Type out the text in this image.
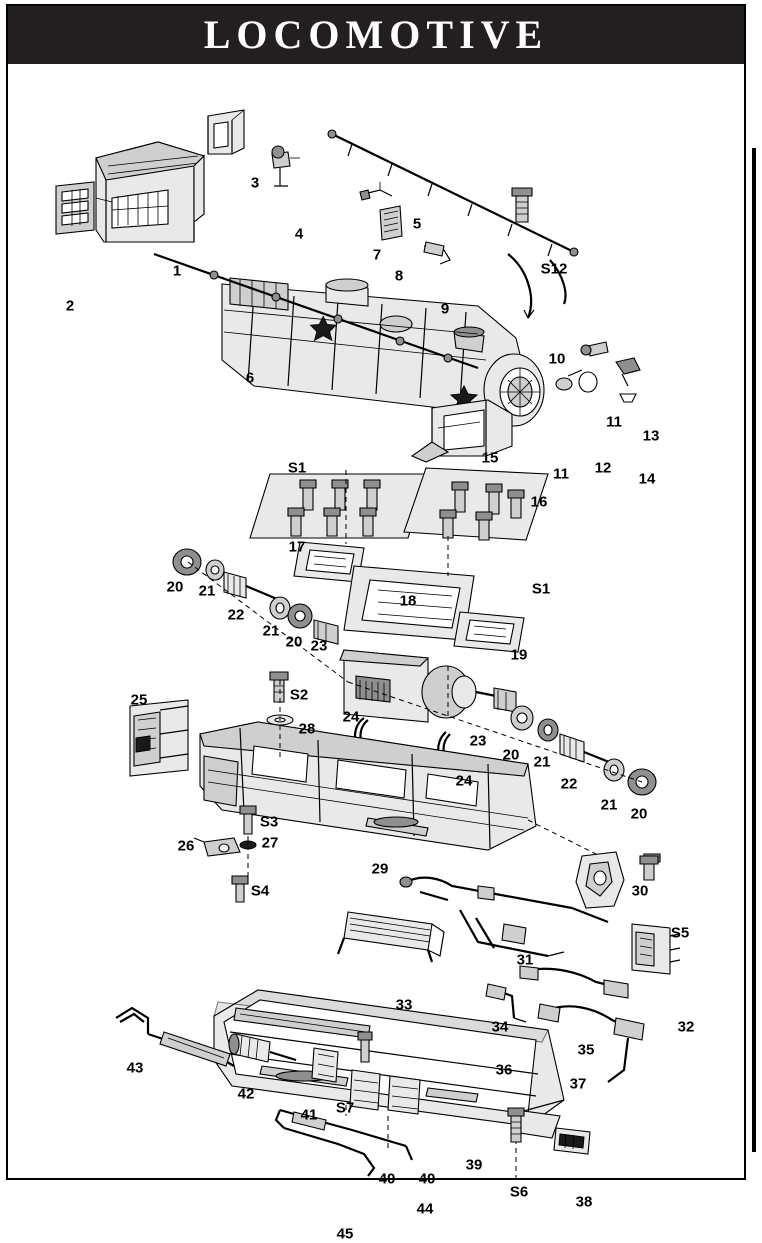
LOCOMOTIVE
3
4
5
1
7
S12
8
2	9
10
6
11
13
15
11 12
14
S1
16
17
20 21
22
S1
18
21
20 23
19
S2
25
24
28
23
20 21
24	22
21
20
S3
26	27
29
S4	30
S5
31
33
34	32
35
36
43
42
S7
41
37
39
40 40
38
S6
44
45
